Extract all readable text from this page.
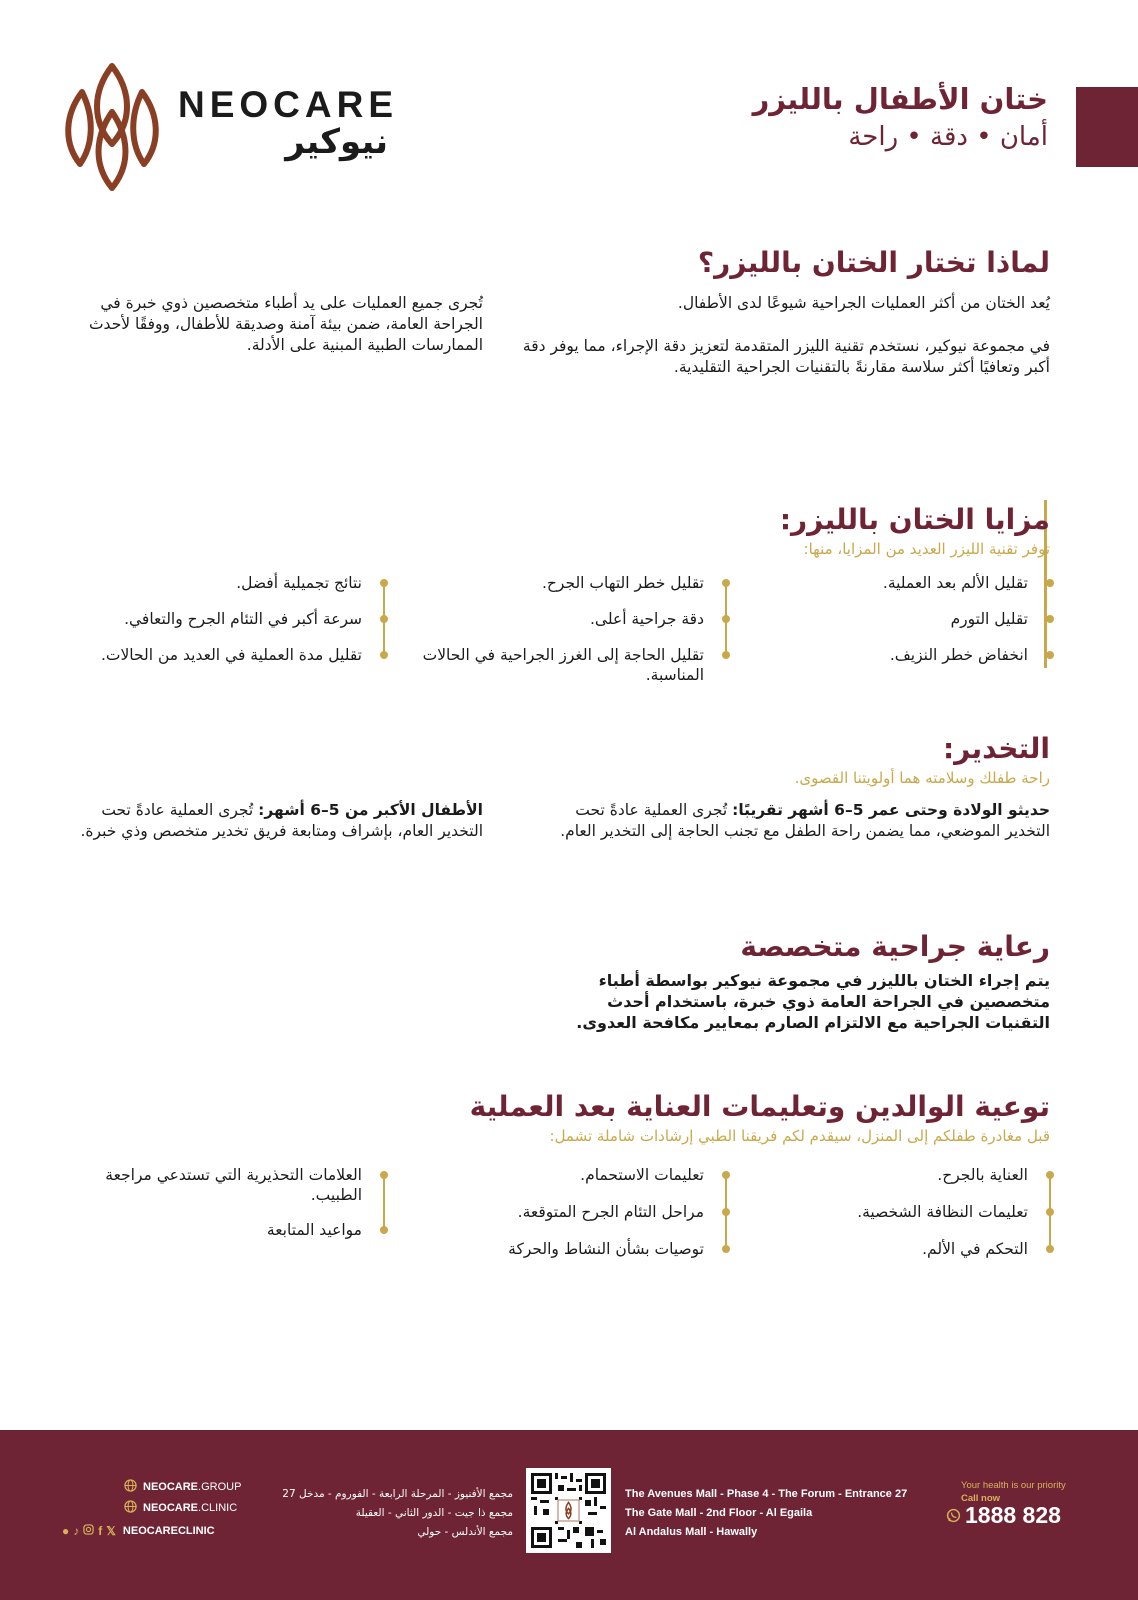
NEOCARE
نيوكير
ختان الأطفال بالليزر
أمان • دقة • راحة
لماذا تختار الختان بالليزر؟
يُعد الختان من أكثر العمليات الجراحية شيوعًا لدى الأطفال.
في مجموعة نيوكير، نستخدم تقنية الليزر المتقدمة لتعزيز دقة الإجراء، مما يوفر دقة أكبر وتعافيًا أكثر سلاسة مقارنةً بالتقنيات الجراحية التقليدية.
تُجرى جميع العمليات على يد أطباء متخصصين ذوي خبرة في الجراحة العامة، ضمن بيئة آمنة وصديقة للأطفال، ووفقًا لأحدث الممارسات الطبية المبنية على الأدلة.
مزايا الختان بالليزر:
توفر تقنية الليزر العديد من المزايا، منها:
تقليل الألم بعد العملية.
تقليل التورم
انخفاض خطر النزيف.
تقليل خطر التهاب الجرح.
دقة جراحية أعلى.
تقليل الحاجة إلى الغرز الجراحية في الحالات المناسبة.
نتائج تجميلية أفضل.
سرعة أكبر في التئام الجرح والتعافي.
تقليل مدة العملية في العديد من الحالات.
التخدير:
راحة طفلك وسلامته هما أولويتنا القصوى.
حديثو الولادة وحتى عمر 5–6 أشهر تقريبًا: تُجرى العملية عادةً تحت التخدير الموضعي، مما يضمن راحة الطفل مع تجنب الحاجة إلى التخدير العام.
الأطفال الأكبر من 5–6 أشهر: تُجرى العملية عادةً تحت التخدير العام، بإشراف ومتابعة فريق تخدير متخصص وذي خبرة.
رعاية جراحية متخصصة
يتم إجراء الختان بالليزر في مجموعة نيوكير بواسطة أطباء متخصصين في الجراحة العامة ذوي خبرة، باستخدام أحدث التقنيات الجراحية مع الالتزام الصارم بمعايير مكافحة العدوى.
توعية الوالدين وتعليمات العناية بعد العملية
قبل مغادرة طفلكم إلى المنزل، سيقدم لكم فريقنا الطبي إرشادات شاملة تشمل:
العناية بالجرح.
تعليمات النظافة الشخصية.
التحكم في الألم.
تعليمات الاستحمام.
مراحل التئام الجرح المتوقعة.
توصيات بشأن النشاط والحركة
العلامات التحذيرية التي تستدعي مراجعة الطبيب.
مواعيد المتابعة
NEOCARE.GROUP
NEOCARE.CLINIC
● ♪ f 𝕏 NEOCARECLINIC
مجمع الأفنيوز - المرحلة الرابعة - الفوروم - مدخل 27
مجمع ذا جيت - الدور الثاني - العقيلة
مجمع الأندلس - حولي
The Avenues Mall - Phase 4 - The Forum - Entrance 27
The Gate Mall - 2nd Floor - Al Egaila
Al Andalus Mall - Hawally
Your health is our priority
Call now
1888 828
